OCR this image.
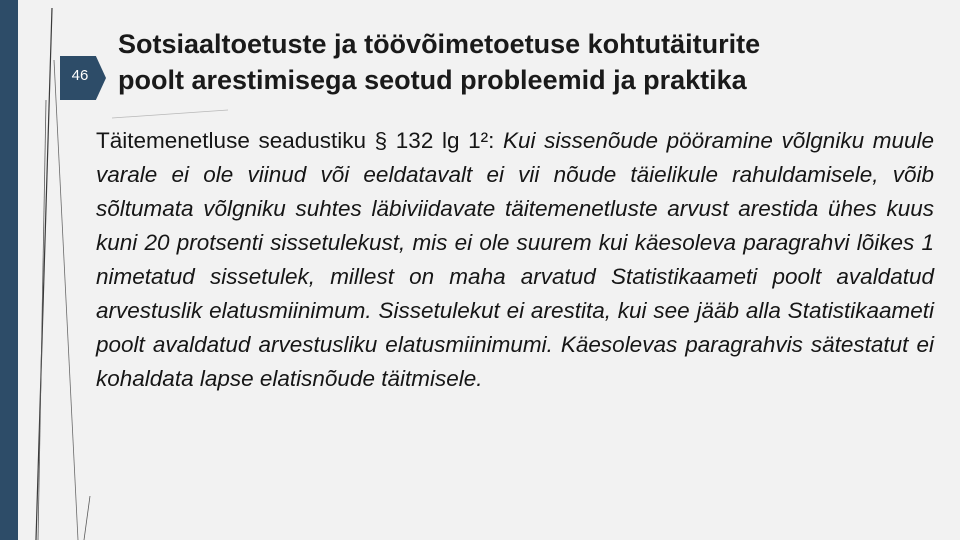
46
Sotsiaaltoetuste ja töövõimetoetuse kohtutäiturite
poolt arestimisega seotud probleemid ja praktika

Täitemenetluse seadustiku § 132 lg 1²: Kui sissenõude pööramine võlgniku muule varale ei ole viinud või eeldatavalt ei vii nõude täielikule rahuldamisele, võib sõltumata võlgniku suhtes läbiviidavate täitemenetluste arvust arestida ühes kuus kuni 20 protsenti sissetulekust, mis ei ole suurem kui käesoleva paragrahvi lõikes 1 nimetatud sissetulek, millest on maha arvatud Statistikaameti poolt avaldatud arvestuslik elatusmiinimum. Sissetulekut ei arestita, kui see jääb alla Statistikaameti poolt avaldatud arvestusliku elatusmiinimumi. Käesolevas paragrahvis sätestatut ei kohaldata lapse elatisnõude täitmisele.
